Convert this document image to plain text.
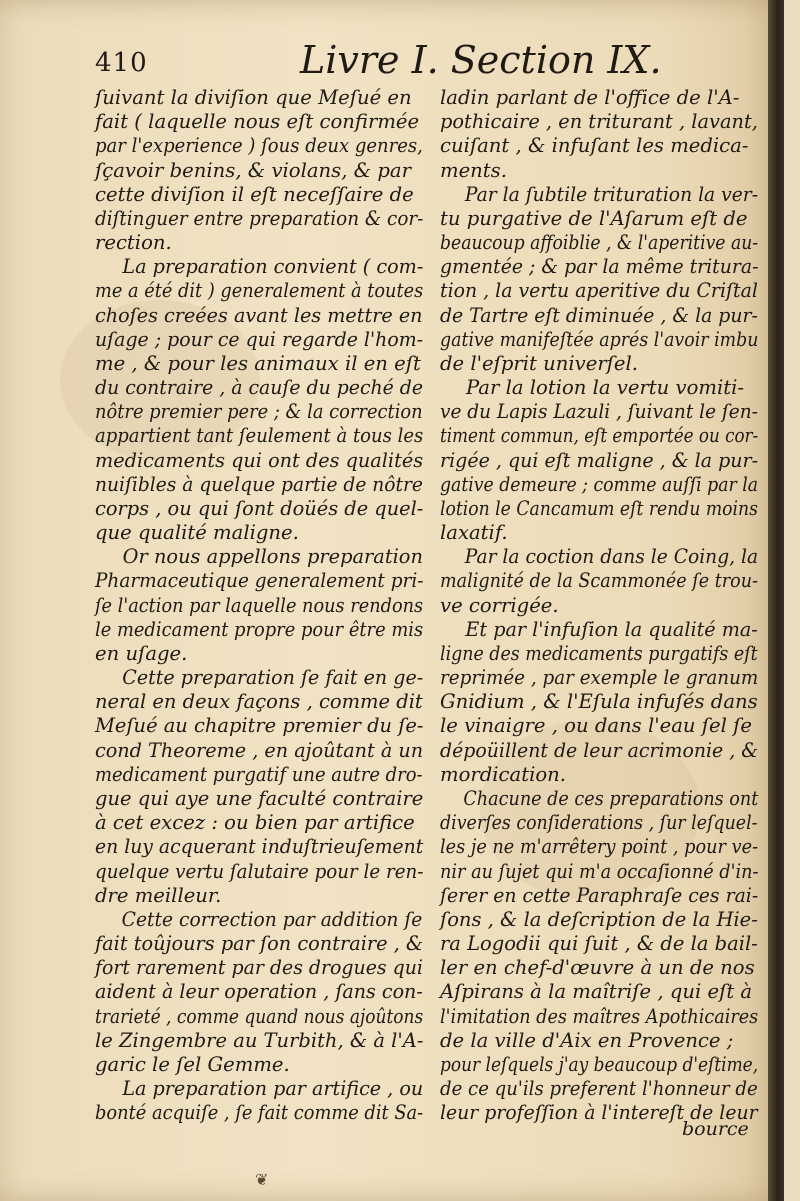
410	Livre I. Section IX.
ſuivant la diviſion que Meſué en
fait ( laquelle nous eſt confirmée
par l'experience ) ſous deux genres,
ſçavoir benins, & violans, & par
cette diviſion il eſt neceſſaire de
diſtinguer entre preparation & cor-
rection.
La preparation convient ( com-
me a été dit ) generalement à toutes
choſes creées avant les mettre en
uſage ; pour ce qui regarde l'hom-
me , & pour les animaux il en eſt
du contraire , à cauſe du peché de
nôtre premier pere ; & la correction
appartient tant ſeulement à tous les
medicaments qui ont des qualités
nuiſibles à quelque partie de nôtre
corps , ou qui ſont doüés de quel-
que qualité maligne.
Or nous appellons preparation
Pharmaceutique generalement pri-
ſe l'action par laquelle nous rendons
le medicament propre pour être mis
en uſage.
Cette preparation ſe fait en ge-
neral en deux façons , comme dit
Meſué au chapitre premier du ſe-
cond Theoreme , en ajoûtant à un
medicament purgatif une autre dro-
gue qui aye une faculté contraire
à cet excez : ou bien par artifice
en luy acquerant induſtrieuſement
quelque vertu ſalutaire pour le ren-
dre meilleur.
Cette correction par addition ſe
fait toûjours par ſon contraire , &
fort rarement par des drogues qui
aident à leur operation , ſans con-
trarieté , comme quand nous ajoûtons
le Zingembre au Turbith, & à l'A-
garic le ſel Gemme.
La preparation par artifice , ou
bonté acquiſe , ſe fait comme dit Sa-
ladin parlant de l'office de l'A-
pothicaire , en triturant , lavant,
cuiſant , & infuſant les medica-
ments.
Par la ſubtile trituration la ver-
tu purgative de l'Aſarum eſt de
beaucoup affoiblie , & l'aperitive au-
gmentée ; & par la même tritura-
tion , la vertu aperitive du Criſtal
de Tartre eſt diminuée , & la pur-
gative manifeſtée aprés l'avoir imbu
de l'eſprit univerſel.
Par la lotion la vertu vomiti-
ve du Lapis Lazuli , ſuivant le ſen-
timent commun, eſt emportée ou cor-
rigée , qui eſt maligne , & la pur-
gative demeure ; comme auſſi par la
lotion le Cancamum eſt rendu moins
laxatif.
Par la coction dans le Coing, la
malignité de la Scammonée ſe trou-
ve corrigée.
Et par l'infuſion la qualité ma-
ligne des medicaments purgatifs eſt
reprimée , par exemple le granum
Gnidium , & l'Eſula infuſés dans
le vinaigre , ou dans l'eau ſel ſe
dépoüillent de leur acrimonie , &
mordication.
Chacune de ces preparations ont
diverſes conſiderations , ſur leſquel-
les je ne m'arrêtery point , pour ve-
nir au ſujet qui m'a occaſionné d'in-
ſerer en cette Paraphraſe ces rai-
ſons , & la deſcription de la Hie-
ra Logodii qui ſuit , & de la bail-
ler en chef-d'œuvre à un de nos
Aſpirans à la maîtriſe , qui eſt à
l'imitation des maîtres Apothicaires
de la ville d'Aix en Provence ;
pour leſquels j'ay beaucoup d'eſtime,
de ce qu'ils preferent l'honneur de
leur profeſſion à l'intereſt de leur
bource
❦
